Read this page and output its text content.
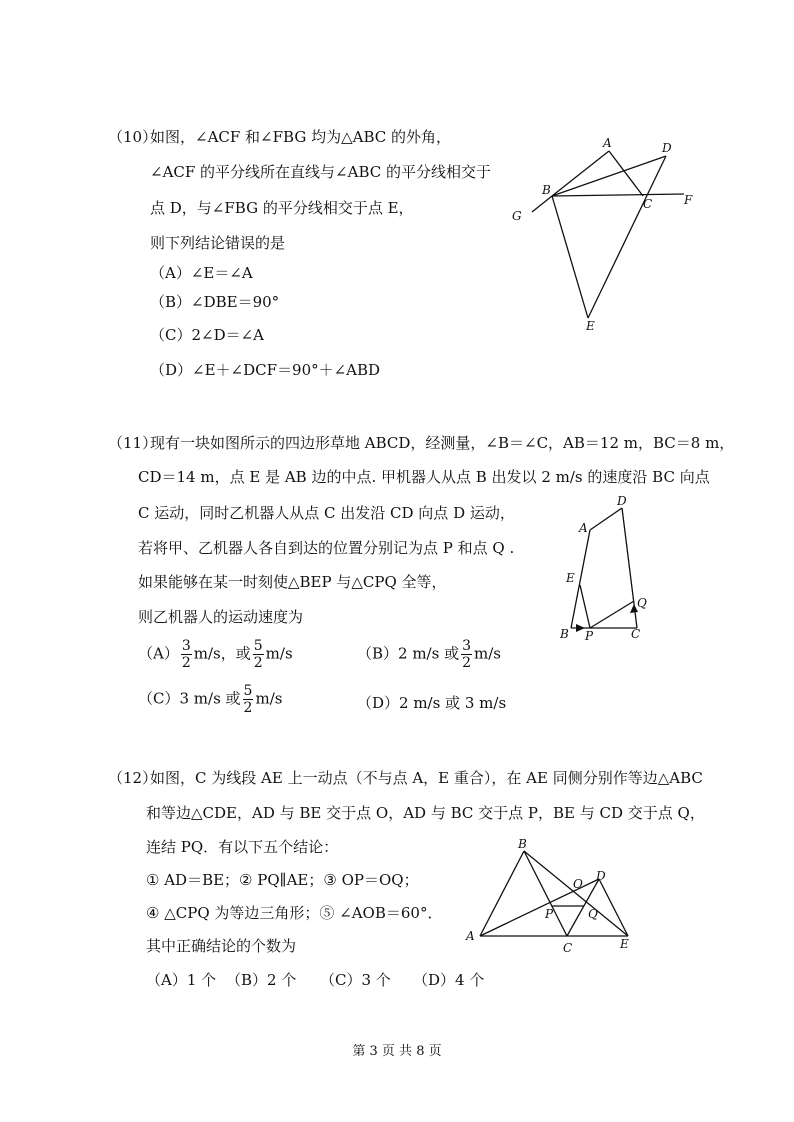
（10）
如图，∠ACF 和∠FBG 均为△ABC 的外角，
∠ACF 的平分线所在直线与∠ABC 的平分线相交于
点 D，与∠FBG 的平分线相交于点 E，
则下列结论错误的是
（A）∠E＝∠A
（B）∠DBE＝90°
（C）2∠D＝∠A
（D）∠E＋∠DCF＝90°＋∠ABD
A
B
C
D
E
F
G
（11）
现有一块如图所示的四边形草地 ABCD，经测量，∠B＝∠C，AB＝12 m，BC＝8 m，
CD＝14 m，点 E 是 AB 边的中点. 甲机器人从点 B 出发以 2 m/s 的速度沿 BC 向点
C 运动，同时乙机器人从点 C 出发沿 CD 向点 D 运动，
若将甲、乙机器人各自到达的位置分别记为点 P 和点 Q .
如果能够在某一时刻使△BEP 与△CPQ 全等，
则乙机器人的运动速度为
$(A) \frac{3}{2} m/s$，或 $\frac{5}{2} m/s$	（B）2 m/s 或 $\frac{3}{2} m/s$
（C）3 m/s 或 $\frac{5}{2} m/s$	（D）2 m/s 或 3 m/s
A
B	C
D
E
P
Q
（12）
如图，C 为线段 AE 上一动点（不与点 A，E 重合），在 AE 同侧分别作等边△ABC
和等边△CDE，AD 与 BE 交于点 O，AD 与 BC 交于点 P，BE 与 CD 交于点 Q，
连结 PQ．有以下五个结论：
① AD＝BE；② PQ∥AE；③ OP＝OQ；
④ △CPQ 为等边三角形；⑤ ∠AOB＝60°．
其中正确结论的个数为
（A）1 个 （B）2 个 （C）3 个 （D）4 个
A
B
C
D
E
O
P	Q
第 3 页 共 8 页
